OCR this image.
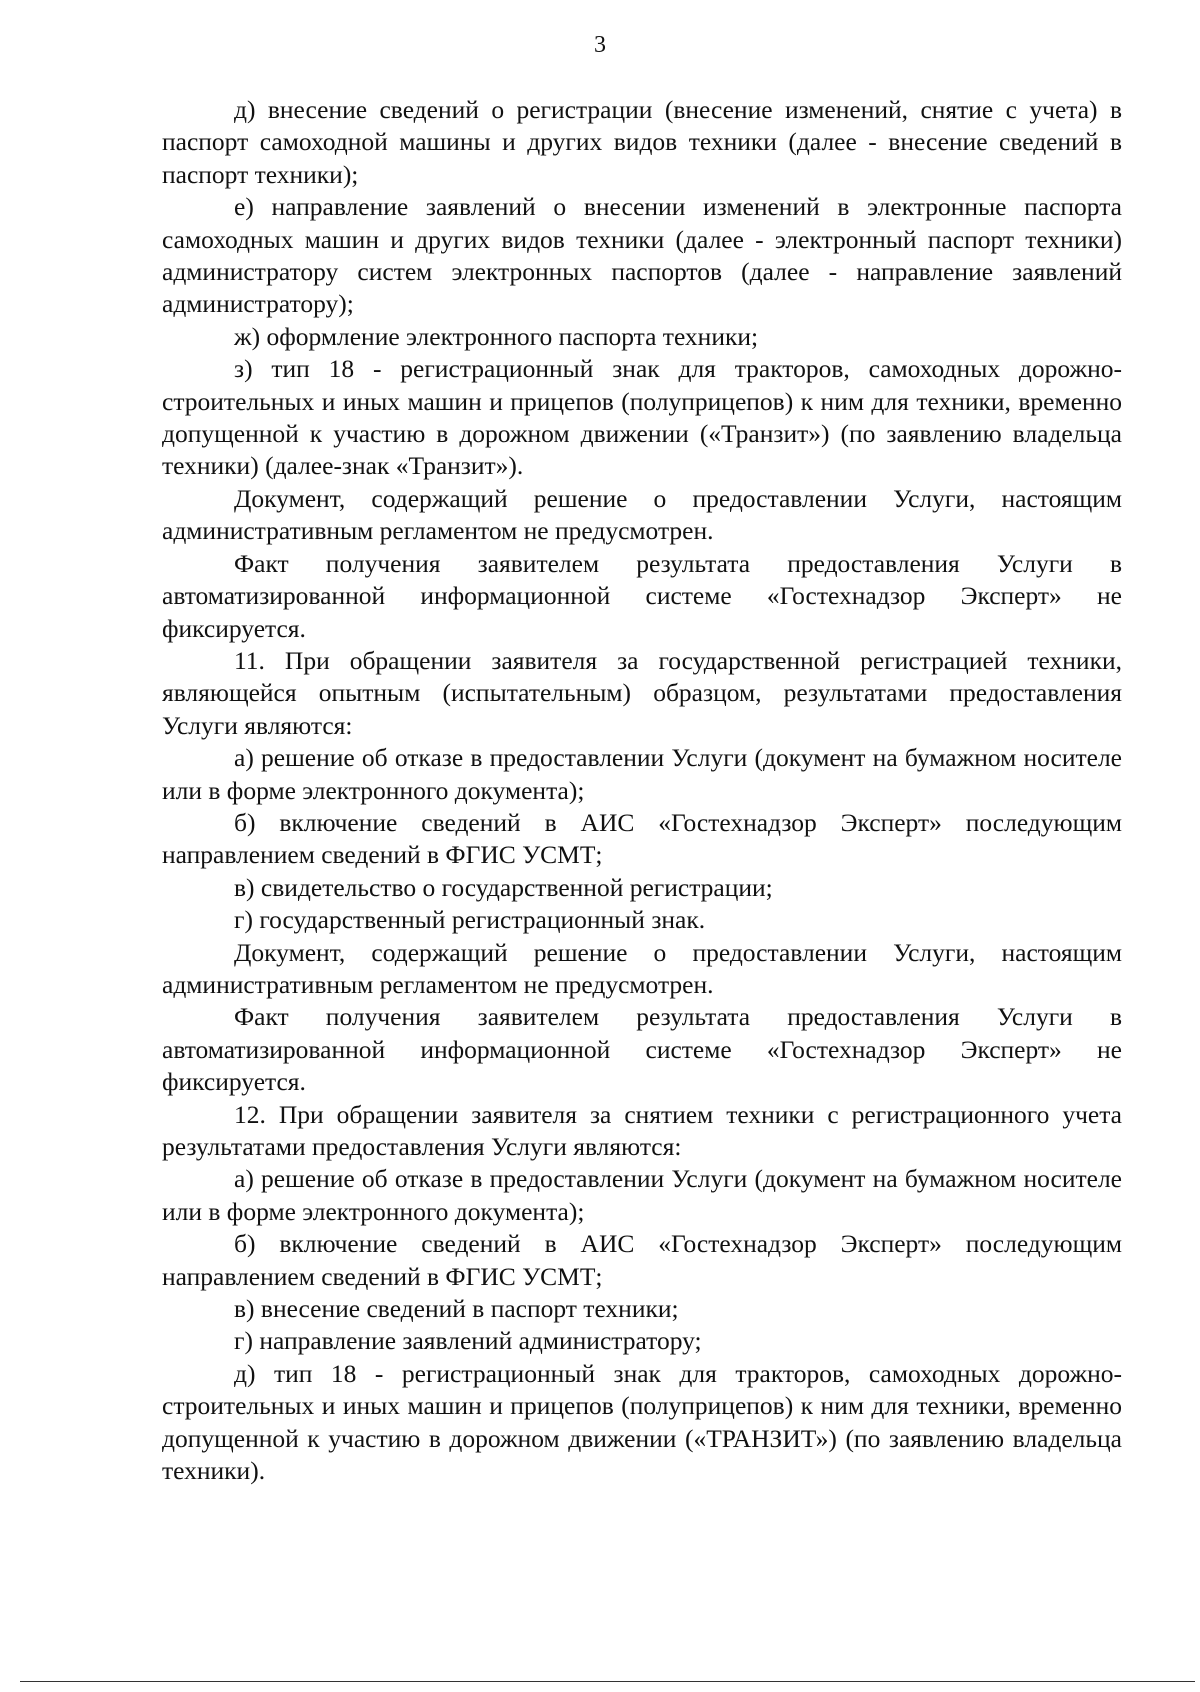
3

д) внесение сведений о регистрации (внесение изменений, снятие с учета) в паспорт самоходной машины и других видов техники (далее - внесение сведений в паспорт техники);

е) направление заявлений о внесении изменений в электронные паспорта самоходных машин и других видов техники (далее - электронный паспорт техники) администратору систем электронных паспортов (далее - направление заявлений администратору);

ж) оформление электронного паспорта техники;

з) тип 18 - регистрационный знак для тракторов, самоходных дорожно-строительных и иных машин и прицепов (полуприцепов) к ним для техники, временно допущенной к участию в дорожном движении («Транзит») (по заявлению владельца техники) (далее-знак «Транзит»).

Документ, содержащий решение о предоставлении Услуги, настоящим административным регламентом не предусмотрен.

Факт получения заявителем результата предоставления Услуги в автоматизированной информационной системе «Гостехнадзор Эксперт» не фиксируется.

11. При обращении заявителя за государственной регистрацией техники, являющейся опытным (испытательным) образцом, результатами предоставления Услуги являются:

а) решение об отказе в предоставлении Услуги (документ на бумажном носителе или в форме электронного документа);

б) включение сведений в АИС «Гостехнадзор Эксперт» последующим направлением сведений в ФГИС УСМТ;

в) свидетельство о государственной регистрации;

г) государственный регистрационный знак.

Документ, содержащий решение о предоставлении Услуги, настоящим административным регламентом не предусмотрен.

Факт получения заявителем результата предоставления Услуги в автоматизированной информационной системе «Гостехнадзор Эксперт» не фиксируется.

12. При обращении заявителя за снятием техники с регистрационного учета результатами предоставления Услуги являются:

а) решение об отказе в предоставлении Услуги (документ на бумажном носителе или в форме электронного документа);

б) включение сведений в АИС «Гостехнадзор Эксперт» последующим направлением сведений в ФГИС УСМТ;

в) внесение сведений в паспорт техники;

г) направление заявлений администратору;

д) тип 18 - регистрационный знак для тракторов, самоходных дорожно-строительных и иных машин и прицепов (полуприцепов) к ним для техники, временно допущенной к участию в дорожном движении («ТРАНЗИТ») (по заявлению владельца техники).
